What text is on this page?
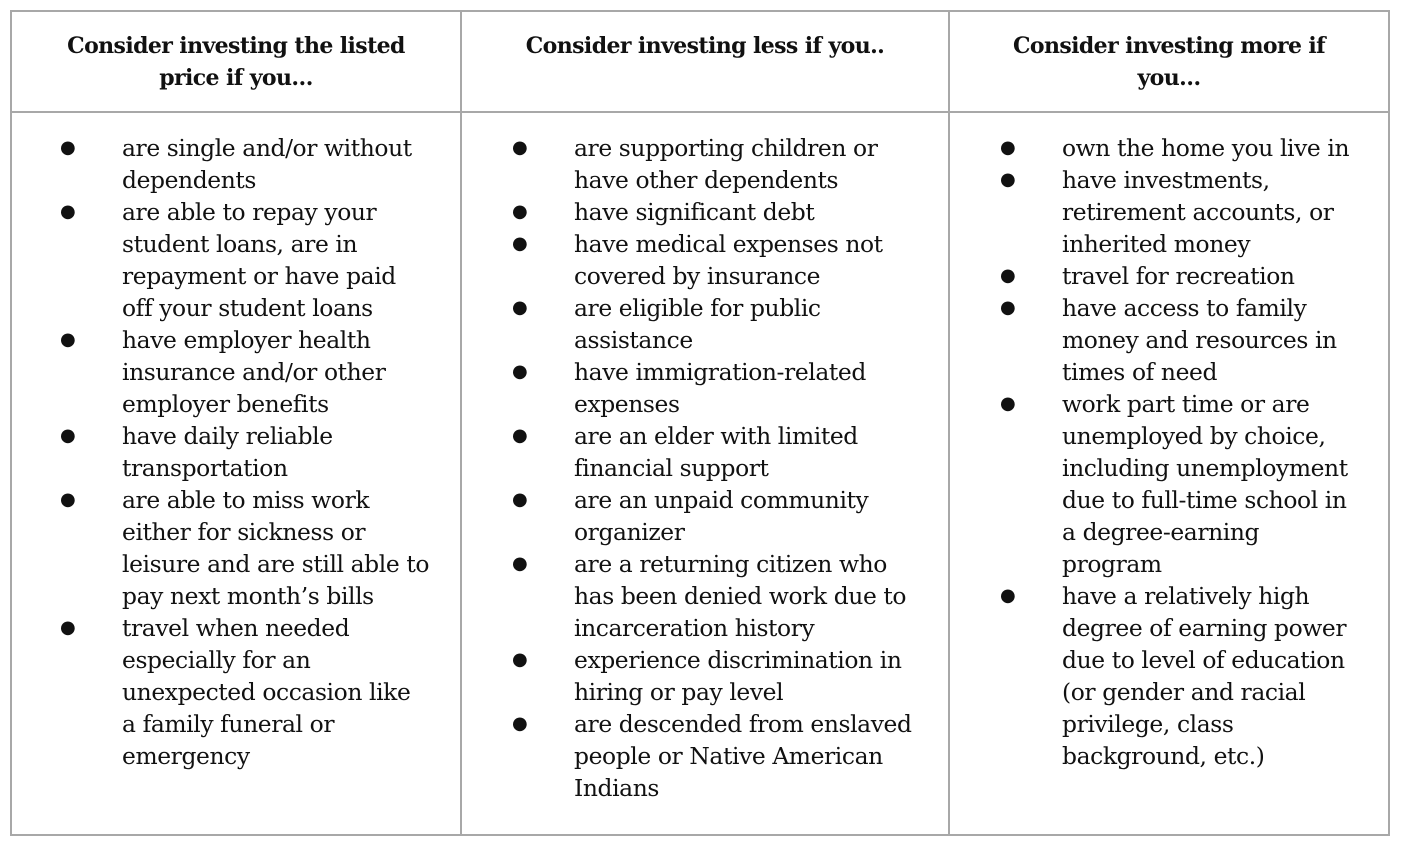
Consider investing the listed
price if you…
● are single and/or without
dependents
● are able to repay your
student loans, are in
repayment or have paid
off your student loans
● have employer health
insurance and/or other
employer benefits
● have daily reliable
transportation
● are able to miss work
either for sickness or
leisure and are still able to
pay next month’s bills
● travel when needed
especially for an
unexpected occasion like
a family funeral or
emergency
Consider investing less if you..
● are supporting children or
have other dependents
● have significant debt
● have medical expenses not
covered by insurance
● are eligible for public
assistance
● have immigration-related
expenses
● are an elder with limited
financial support
● are an unpaid community
organizer
● are a returning citizen who
has been denied work due to
incarceration history
● experience discrimination in
hiring or pay level
● are descended from enslaved
people or Native American
Indians
Consider investing more if you…
● own the home you live in
● have investments,
retirement accounts, or
inherited money
● travel for recreation
● have access to family
money and resources in
times of need
● work part time or are
unemployed by choice,
including unemployment
due to full-time school in
a degree-earning
program
● have a relatively high
degree of earning power
due to level of education
(or gender and racial
privilege, class
background, etc.)
